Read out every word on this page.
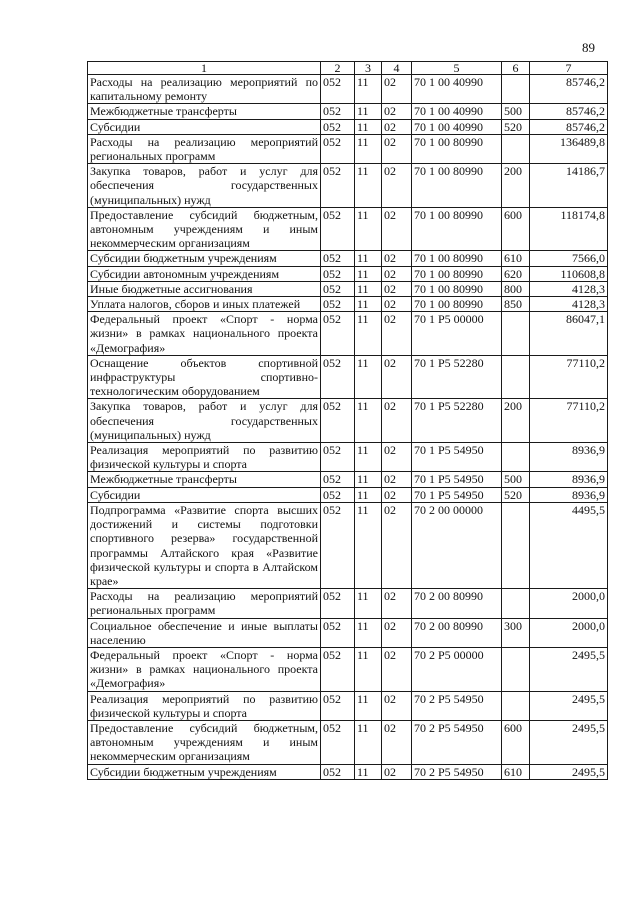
89
1	2	3	4	5	6	7
Расходы на реализацию мероприятий по капитальному ремонту	052	11	02	70 1 00 40990		85746,2
Межбюджетные трансферты	052	11	02	70 1 00 40990	500	85746,2
Субсидии	052	11	02	70 1 00 40990	520	85746,2
Расходы на реализацию мероприятий региональных программ	052	11	02	70 1 00 80990		136489,8
Закупка товаров, работ и услуг для обеспечения государственных (муниципальных) нужд	052	11	02	70 1 00 80990	200	14186,7
Предоставление субсидий бюджетным, автономным учреждениям и иным некоммерческим организациям	052	11	02	70 1 00 80990	600	118174,8
Субсидии бюджетным учреждениям	052	11	02	70 1 00 80990	610	7566,0
Субсидии автономным учреждениям	052	11	02	70 1 00 80990	620	110608,8
Иные бюджетные ассигнования	052	11	02	70 1 00 80990	800	4128,3
Уплата налогов, сборов и иных платежей	052	11	02	70 1 00 80990	850	4128,3
Федеральный проект «Спорт - норма жизни» в рамках национального проекта «Демография»	052	11	02	70 1 P5 00000		86047,1
Оснащение объектов спортивной инфраструктуры спортивно-технологическим оборудованием	052	11	02	70 1 P5 52280		77110,2
Закупка товаров, работ и услуг для обеспечения государственных (муниципальных) нужд	052	11	02	70 1 P5 52280	200	77110,2
Реализация мероприятий по развитию физической культуры и спорта	052	11	02	70 1 P5 54950		8936,9
Межбюджетные трансферты	052	11	02	70 1 P5 54950	500	8936,9
Субсидии	052	11	02	70 1 P5 54950	520	8936,9
Подпрограмма «Развитие спорта высших достижений и системы подготовки спортивного резерва» государственной программы Алтайского края «Развитие физической культуры и спорта в Алтайском крае»	052	11	02	70 2 00 00000		4495,5
Расходы на реализацию мероприятий региональных программ	052	11	02	70 2 00 80990		2000,0
Социальное обеспечение и иные выплаты населению	052	11	02	70 2 00 80990	300	2000,0
Федеральный проект «Спорт - норма жизни» в рамках национального проекта «Демография»	052	11	02	70 2 P5 00000		2495,5
Реализация мероприятий по развитию физической культуры и спорта	052	11	02	70 2 P5 54950		2495,5
Предоставление субсидий бюджетным, автономным учреждениям и иным некоммерческим организациям	052	11	02	70 2 P5 54950	600	2495,5
Субсидии бюджетным учреждениям	052	11	02	70 2 P5 54950	610	2495,5
